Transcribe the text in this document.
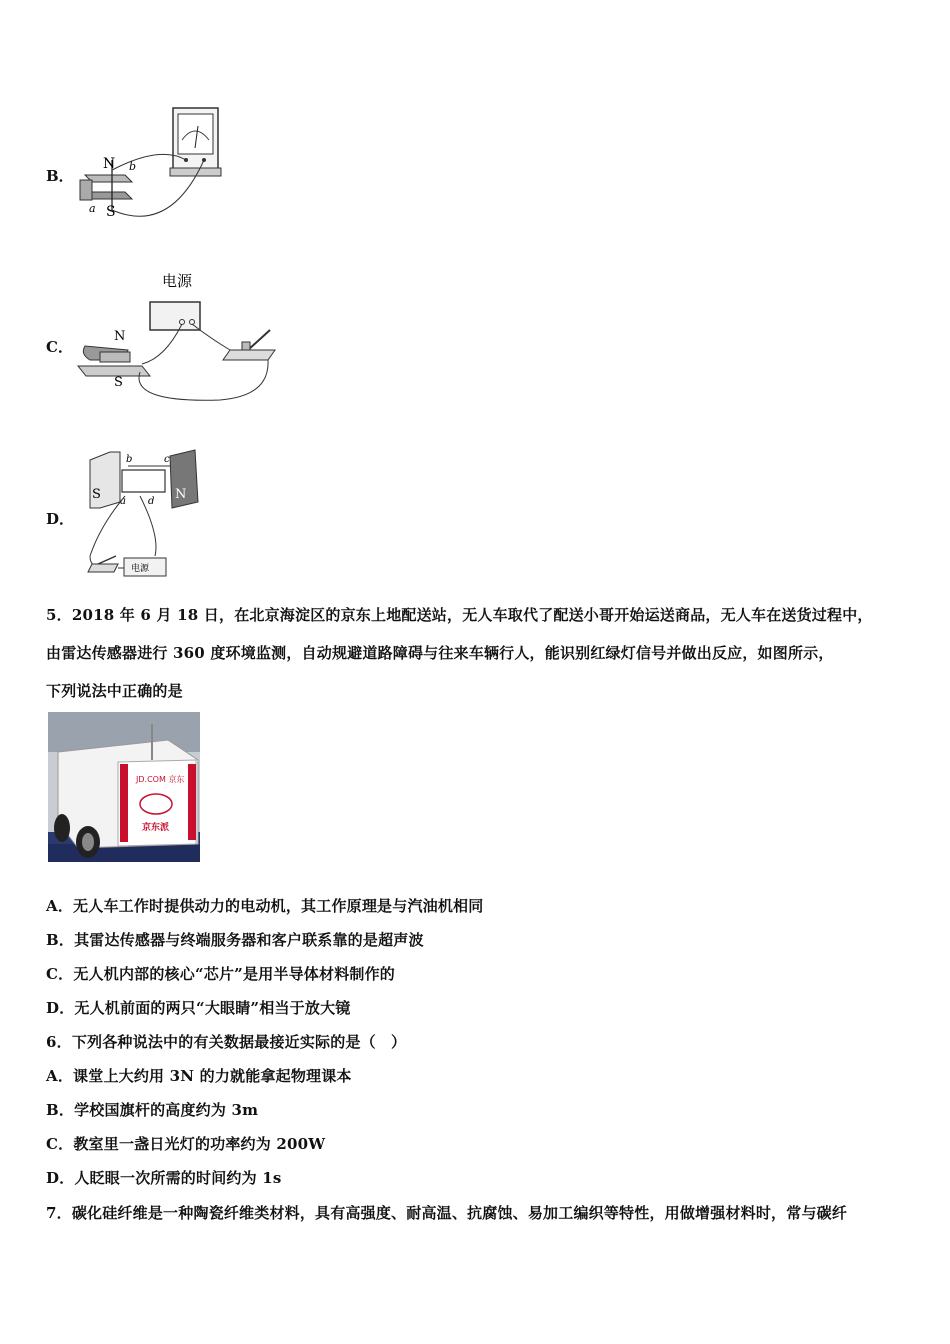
B．
N
S
a
b
C．
电源
N
S
D．
S	N
b	c
a d
电源
5．2018 年 6 月 18 日，在北京海淀区的京东上地配送站，无人车取代了配送小哥开始运送商品，无人车在送货过程中，
由雷达传感器进行 360 度环境监测，自动规避道路障碍与往来车辆行人，能识别红绿灯信号并做出反应，如图所示，
下列说法中正确的是
JD.COM 京东
京东派
A．无人车工作时提供动力的电动机，其工作原理是与汽油机相同
B．其雷达传感器与终端服务器和客户联系靠的是超声波
C．无人机内部的核心“芯片”是用半导体材料制作的
D．无人机前面的两只“大眼睛”相当于放大镜
6．下列各种说法中的有关数据最接近实际的是（　）
A．课堂上大约用 3N 的力就能拿起物理课本
B．学校国旗杆的高度约为 3m
C．教室里一盏日光灯的功率约为 200W
D．人眨眼一次所需的时间约为 1s
7．碳化硅纤维是一种陶瓷纤维类材料，具有高强度、耐高温、抗腐蚀、易加工编织等特性，用做增强材料时，常与碳纤
